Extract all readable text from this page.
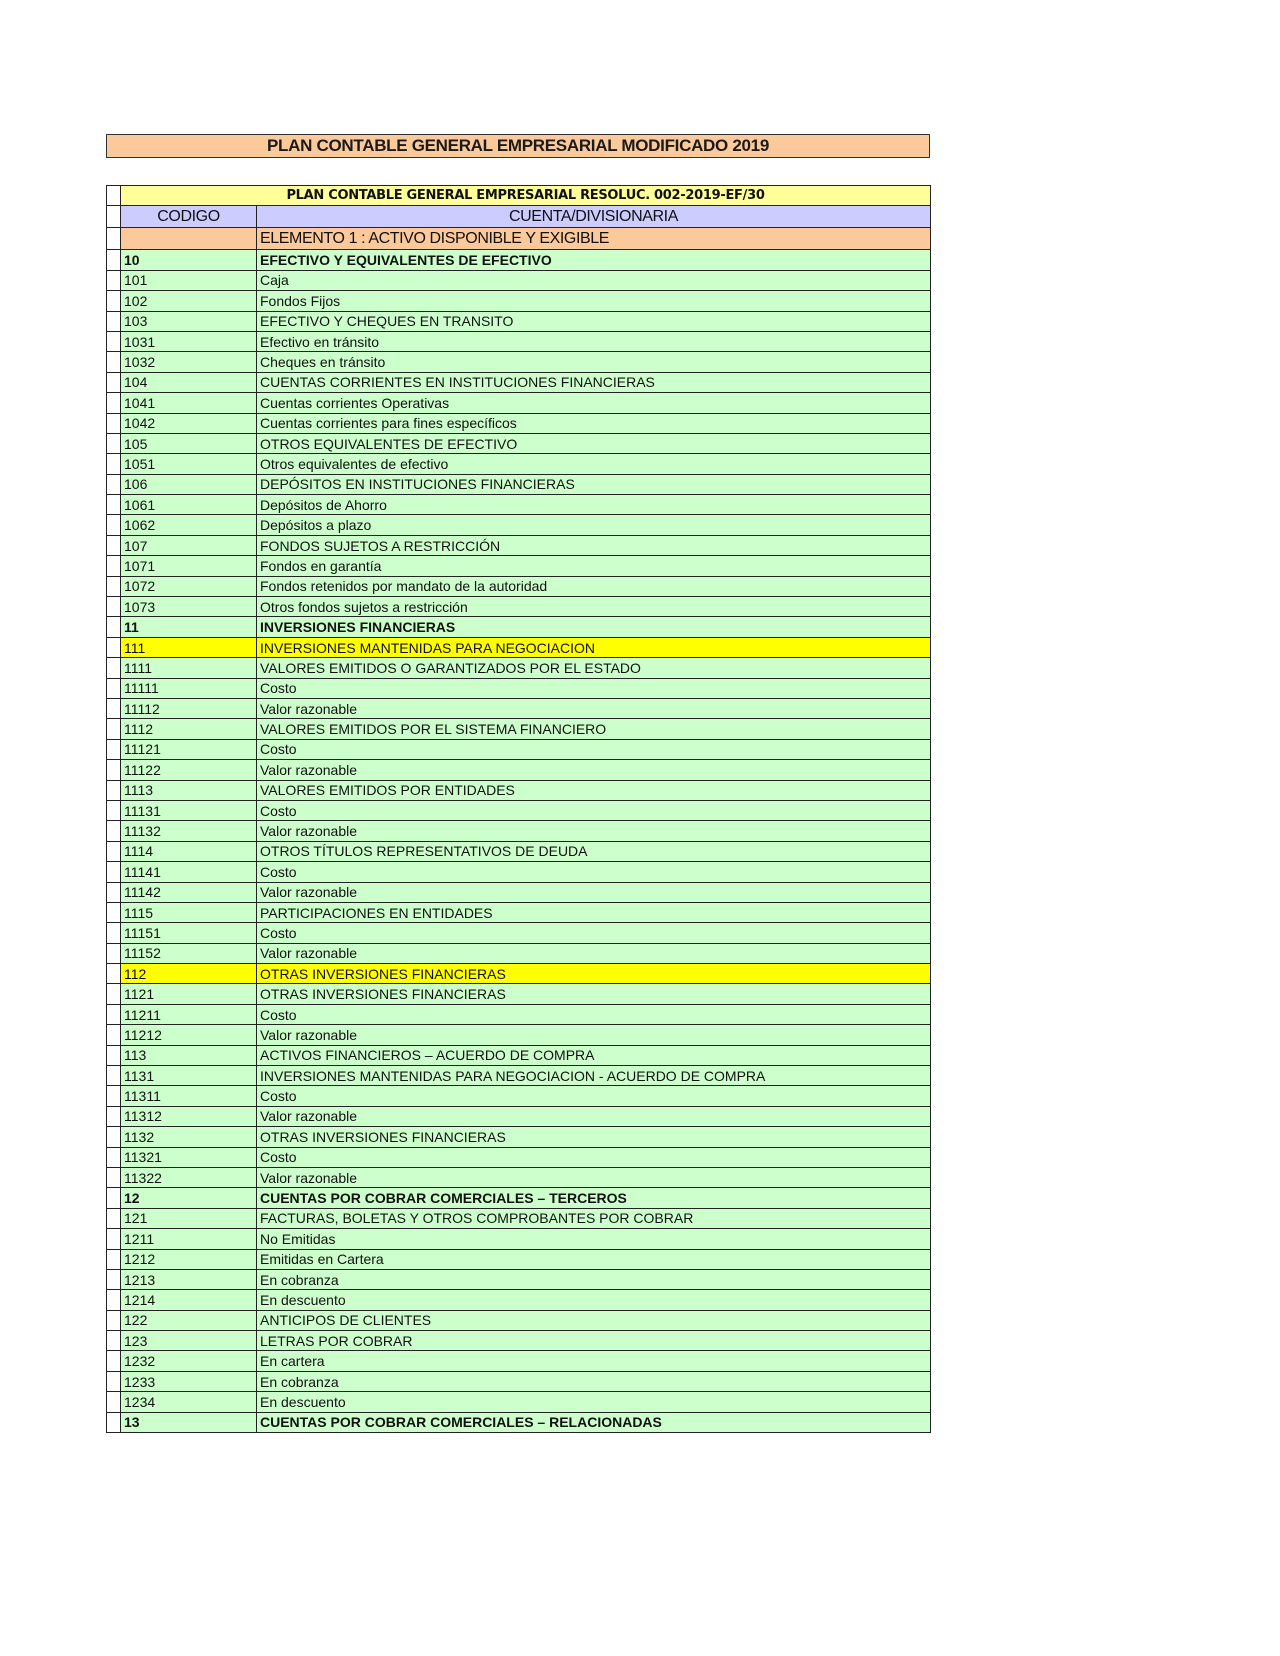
PLAN CONTABLE GENERAL EMPRESARIAL MODIFICADO 2019
	PLAN CONTABLE GENERAL EMPRESARIAL RESOLUC. 002-2019-EF/30	
	CODIGO	CUENTA/DIVISIONARIA
		ELEMENTO 1 : ACTIVO DISPONIBLE Y EXIGIBLE
	10	EFECTIVO Y EQUIVALENTES DE EFECTIVO
	101	Caja
	102	Fondos Fijos
	103	EFECTIVO Y CHEQUES EN TRANSITO
	1031	Efectivo en tránsito
	1032	Cheques en tránsito
	104	CUENTAS CORRIENTES EN INSTITUCIONES FINANCIERAS
	1041	Cuentas corrientes Operativas
	1042	Cuentas corrientes para fines específicos
	105	OTROS EQUIVALENTES DE EFECTIVO
	1051	Otros equivalentes de efectivo
	106	DEPÓSITOS EN INSTITUCIONES FINANCIERAS
	1061	Depósitos de Ahorro
	1062	Depósitos a plazo
	107	FONDOS SUJETOS A RESTRICCIÓN
	1071	Fondos en garantía
	1072	Fondos retenidos por mandato de la autoridad
	1073	Otros fondos sujetos a restricción
	11	INVERSIONES FINANCIERAS
	111	INVERSIONES MANTENIDAS PARA NEGOCIACION
	1111	VALORES EMITIDOS O GARANTIZADOS POR EL ESTADO
	11111	Costo
	11112	Valor razonable
	1112	VALORES EMITIDOS POR EL SISTEMA FINANCIERO
	11121	Costo
	11122	Valor razonable
	1113	VALORES EMITIDOS POR ENTIDADES
	11131	Costo
	11132	Valor razonable
	1114	OTROS TÍTULOS REPRESENTATIVOS DE DEUDA
	11141	Costo
	11142	Valor razonable
	1115	PARTICIPACIONES EN ENTIDADES
	11151	Costo
	11152	Valor razonable
	112	OTRAS INVERSIONES FINANCIERAS
	1121	OTRAS INVERSIONES FINANCIERAS
	11211	Costo
	11212	Valor razonable
	113	ACTIVOS FINANCIEROS – ACUERDO DE COMPRA
	1131	INVERSIONES MANTENIDAS PARA NEGOCIACION - ACUERDO DE COMPRA
	11311	Costo
	11312	Valor razonable
	1132	OTRAS INVERSIONES FINANCIERAS
	11321	Costo
	11322	Valor razonable
	12	CUENTAS POR COBRAR COMERCIALES – TERCEROS
	121	FACTURAS, BOLETAS Y OTROS COMPROBANTES POR COBRAR
	1211	No Emitidas
	1212	Emitidas en Cartera
	1213	En cobranza
	1214	En descuento
	122	ANTICIPOS DE CLIENTES
	123	LETRAS POR COBRAR
	1232	En cartera
	1233	En cobranza
	1234	En descuento
	13	CUENTAS POR COBRAR COMERCIALES – RELACIONADAS
